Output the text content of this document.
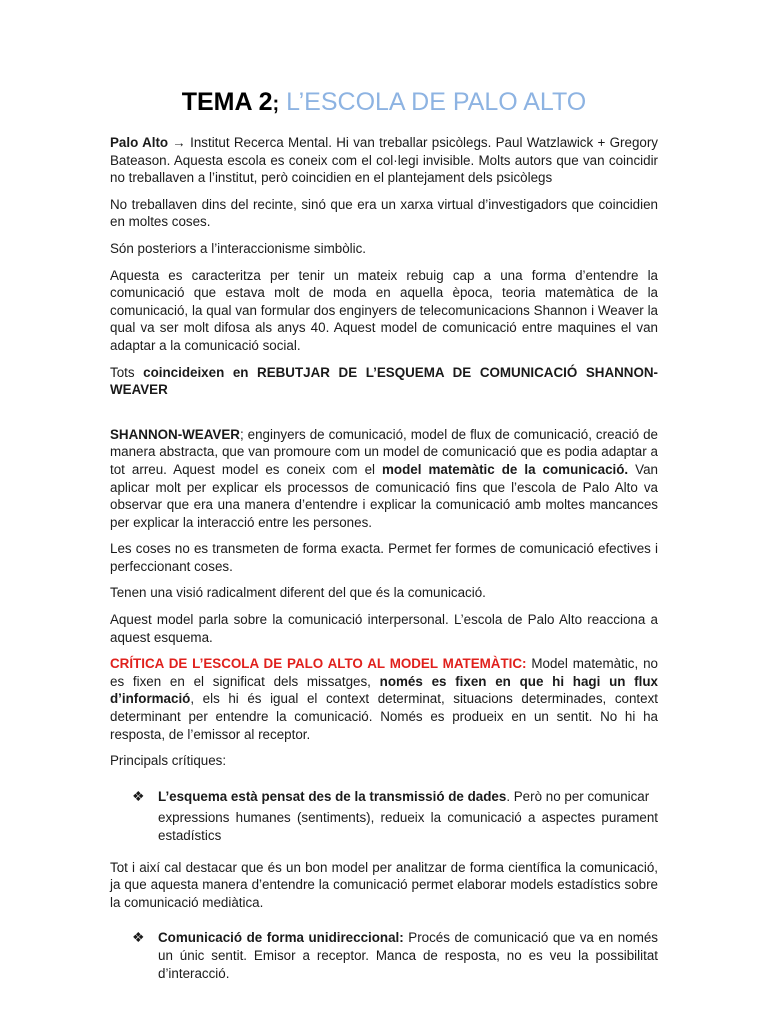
TEMA 2; L’ESCOLA DE PALO ALTO

Palo Alto → Institut Recerca Mental. Hi van treballar psicòlegs. Paul Watzlawick + Gregory Bateason. Aquesta escola es coneix com el col·legi invisible. Molts autors que van coincidir no treballaven a l’institut, però coincidien en el plantejament dels psicòlegs

No treballaven dins del recinte, sinó que era un xarxa virtual d’investigadors que coincidien en moltes coses.

Són posteriors a l’interaccionisme simbòlic.

Aquesta es caracteritza per tenir un mateix rebuig cap a una forma d’entendre la comunicació que estava molt de moda en aquella època, teoria matemàtica de la comunicació, la qual van formular dos enginyers de telecomunicacions Shannon i Weaver la qual va ser molt difosa als anys 40. Aquest model de comunicació entre maquines el van adaptar a la comunicació social.

Tots coincideixen en REBUTJAR DE L’ESQUEMA DE COMUNICACIÓ SHANNON-WEAVER

SHANNON-WEAVER; enginyers de comunicació, model de flux de comunicació, creació de manera abstracta, que van promoure com un model de comunicació que es podia adaptar a tot arreu. Aquest model es coneix com el model matemàtic de la comunicació. Van aplicar molt per explicar els processos de comunicació fins que l’escola de Palo Alto va observar que era una manera d’entendre i explicar la comunicació amb moltes mancances per explicar la interacció entre les persones.

Les coses no es transmeten de forma exacta. Permet fer formes de comunicació efectives i perfeccionant coses.

Tenen una visió radicalment diferent del que és la comunicació.

Aquest model parla sobre la comunicació interpersonal. L’escola de Palo Alto reacciona a aquest esquema.

CRÍTICA DE L’ESCOLA DE PALO ALTO AL MODEL MATEMÀTIC: Model matemàtic, no es fixen en el significat dels missatges, només es fixen en que hi hagi un flux d’informació, els hi és igual el context determinat, situacions determinades, context determinant per entendre la comunicació. Només es produeix en un sentit. No hi ha resposta, de l’emissor al receptor.

Principals crítiques:

❖ L’esquema està pensat des de la transmissió de dades. Però no per comunicar

expressions humanes (sentiments), redueix la comunicació a aspectes purament estadístics

Tot i així cal destacar que és un bon model per analitzar de forma científica la comunicació, ja que aquesta manera d’entendre la comunicació permet elaborar models estadístics sobre la comunicació mediàtica.

❖ Comunicació de forma unidireccional: Procés de comunicació que va en només un únic sentit. Emisor a receptor. Manca de resposta, no es veu la possibilitat d’interacció.
